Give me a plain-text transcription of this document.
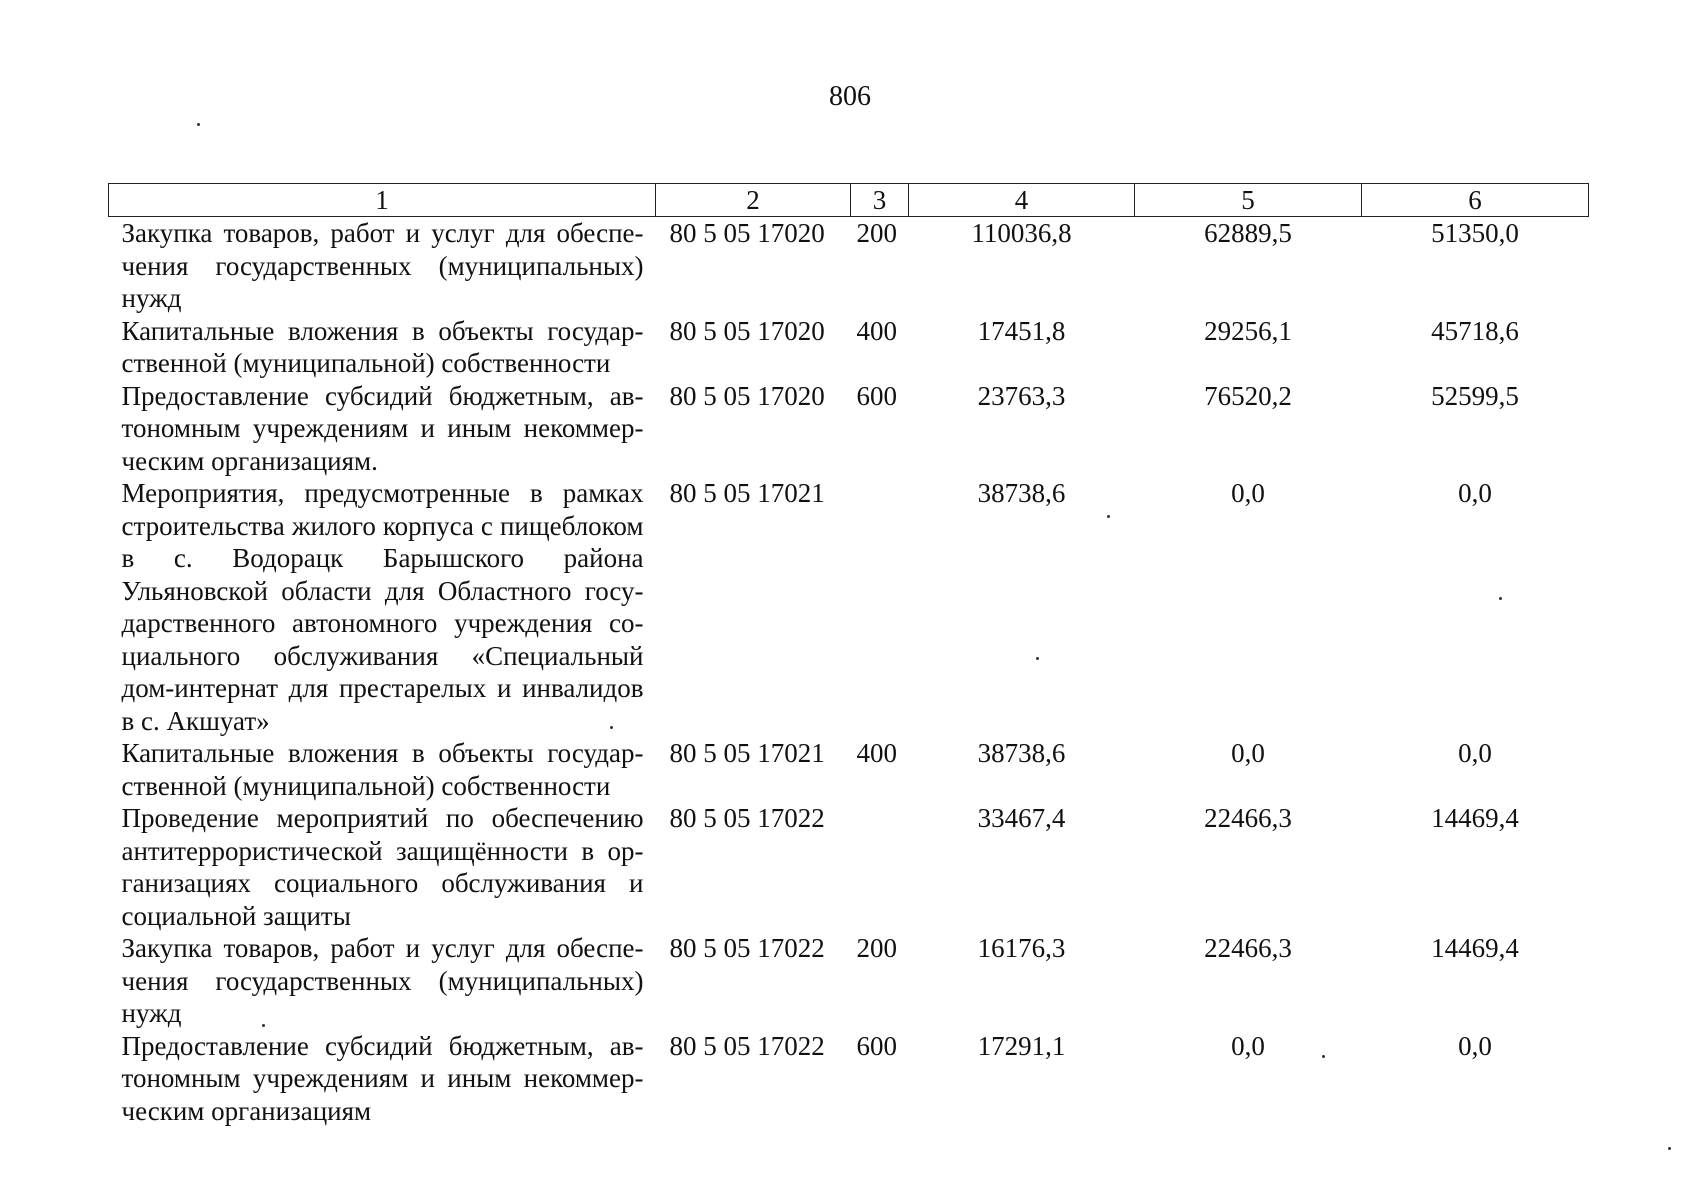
806
1	2	3	4	5	6
Закупка товаров, работ и услуг для обеспечения государственных (муниципальных) нужд	80 5 05 17020	200	110036,8	62889,5	51350,0
Капитальные вложения в объекты государственной (муниципальной) собственности	80 5 05 17020	400	17451,8	29256,1	45718,6
Предоставление субсидий бюджетным, автономным учреждениям и иным некоммерческим организациям.	80 5 05 17020	600	23763,3	76520,2	52599,5
Мероприятия, предусмотренные в рамках строительства жилого корпуса с пищеблоком в с. Водорацк Барышского района Ульяновской области для Областного государственного автономного учреждения социального обслуживания «Специальный дом-интернат для престарелых и инвалидов в с. Акшуат»	80 5 05 17021		38738,6	0,0	0,0
Капитальные вложения в объекты государственной (муниципальной) собственности	80 5 05 17021	400	38738,6	0,0	0,0
Проведение мероприятий по обеспечению антитеррористической защищённости в организациях социального обслуживания и социальной защиты	80 5 05 17022		33467,4	22466,3	14469,4
Закупка товаров, работ и услуг для обеспечения государственных (муниципальных) нужд	80 5 05 17022	200	16176,3	22466,3	14469,4
Предоставление субсидий бюджетным, автономным учреждениям и иным некоммерческим организациям	80 5 05 17022	600	17291,1	0,0	0,0
